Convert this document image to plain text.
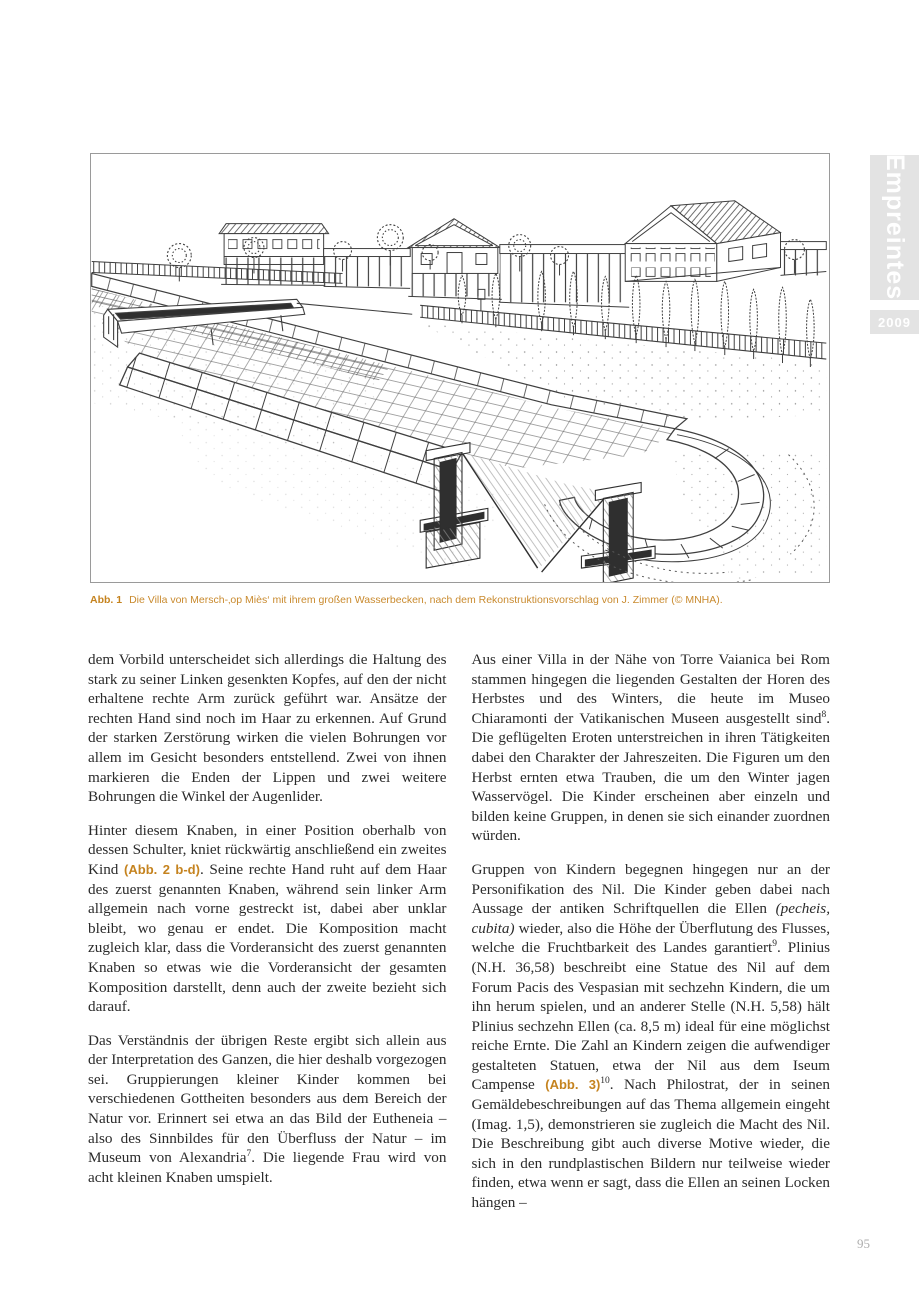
Abb. 1 Die Villa von Mersch-‚op Miès‘ mit ihrem großen Wasserbecken, nach dem Rekonstruktionsvorschlag von J. Zimmer (© MNHA).

dem Vorbild unterscheidet sich allerdings die Haltung des stark zu seiner Linken gesenkten Kopfes, auf den der nicht erhaltene rechte Arm zurück geführt war. Ansätze der rechten Hand sind noch im Haar zu erkennen. Auf Grund der starken Zerstörung wirken die vielen Bohrungen vor allem im Gesicht besonders entstellend. Zwei von ihnen markieren die Enden der Lippen und zwei weitere Bohrungen die Winkel der Augenlider.

Hinter diesem Knaben, in einer Position oberhalb von dessen Schulter, kniet rückwärtig anschließend ein zweites Kind (Abb. 2 b-d). Seine rechte Hand ruht auf dem Haar des zuerst genannten Knaben, während sein linker Arm allgemein nach vorne gestreckt ist, dabei aber unklar bleibt, wo genau er endet. Die Komposition macht zugleich klar, dass die Vorderansicht des zuerst genannten Knaben so etwas wie die Vorderansicht der gesamten Komposition darstellt, denn auch der zweite bezieht sich darauf.

Das Verständnis der übrigen Reste ergibt sich allein aus der Interpretation des Ganzen, die hier deshalb vorgezogen sei. Gruppierungen kleiner Kinder kommen bei verschiedenen Gottheiten besonders aus dem Bereich der Natur vor. Erinnert sei etwa an das Bild der Eutheneia – also des Sinnbildes für den Überfluss der Natur – im Museum von Alexandria$^7$. Die liegende Frau wird von acht kleinen Knaben umspielt.

Aus einer Villa in der Nähe von Torre Vaianica bei Rom stammen hingegen die liegenden Gestalten der Horen des Herbstes und des Winters, die heute im Museo Chiaramonti der Vatikanischen Museen ausgestellt sind$^8$. Die geflügelten Eroten unterstreichen in ihren Tätigkeiten dabei den Charakter der Jahreszeiten. Die Figuren um den Herbst ernten etwa Trauben, die um den Winter jagen Wasservögel. Die Kinder erscheinen aber einzeln und bilden keine Gruppen, in denen sie sich einander zuordnen würden.

Gruppen von Kindern begegnen hingegen nur an der Personifikation des Nil. Die Kinder geben dabei nach Aussage der antiken Schriftquellen die Ellen (pecheis, cubita) wieder, also die Höhe der Überflutung des Flusses, welche die Fruchtbarkeit des Landes garantiert$^9$. Plinius (N.H. 36,58) beschreibt eine Statue des Nil auf dem Forum Pacis des Vespasian mit sechzehn Kindern, die um ihn herum spielen, und an anderer Stelle (N.H. 5,58) hält Plinius sechzehn Ellen (ca. 8,5 m) ideal für eine möglichst reiche Ernte. Die Zahl an Kindern zeigen die aufwendiger gestalteten Statuen, etwa der Nil aus dem Iseum Campense (Abb. 3)$^{10}$. Nach Philostrat, der in seinen Gemäldebeschreibungen auf das Thema allgemein eingeht (Imag. 1,5), demonstrieren sie zugleich die Macht des Nil. Die Beschreibung gibt auch diverse Motive wieder, die sich in den rundplastischen Bildern nur teilweise wieder finden, etwa wenn er sagt, dass die Ellen an seinen Locken hängen –

Empreintes
2009
95
